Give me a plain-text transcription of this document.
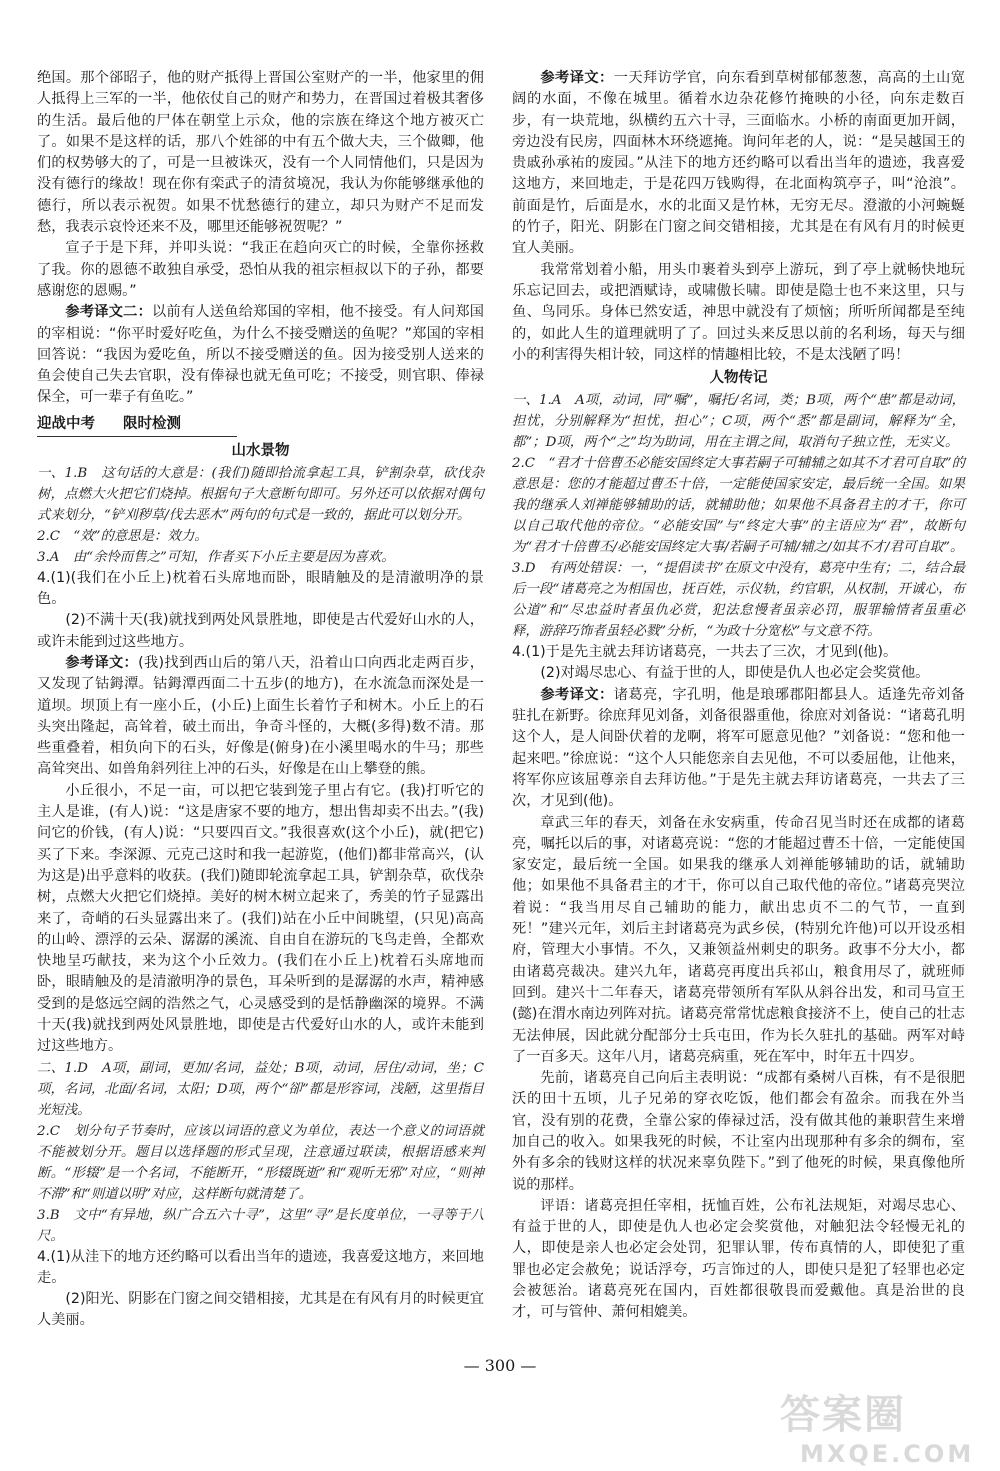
绝国。那个郤昭子，他的财产抵得上晋国公室财产的一半，他家里的佣人抵得上三军的一半，他依仗自己的财产和势力，在晋国过着极其奢侈的生活。最后他的尸体在朝堂上示众，他的宗族在绛这个地方被灭亡了。如果不是这样的话，那八个姓郤的中有五个做大夫，三个做卿，他们的权势够大的了，可是一旦被诛灭，没有一个人同情他们，只是因为没有德行的缘故！现在你有栾武子的清贫境况，我认为你能够继承他的德行，所以表示祝贺。如果不忧愁德行的建立，却只为财产不足而发愁，我表示哀怜还来不及，哪里还能够祝贺呢？”

宣子于是下拜，并叩头说：“我正在趋向灭亡的时候，全靠你拯救了我。你的恩德不敢独自承受，恐怕从我的祖宗桓叔以下的子孙，都要感谢您的恩赐。”

参考译文二：以前有人送鱼给郑国的宰相，他不接受。有人问郑国的宰相说：“你平时爱好吃鱼，为什么不接受赠送的鱼呢？”郑国的宰相回答说：“我因为爱吃鱼，所以不接受赠送的鱼。因为接受别人送来的鱼会使自己失去官职，没有俸禄也就无鱼可吃；不接受，则官职、俸禄保全，可一辈子有鱼吃。”

迎战中考 限时检测
山水景物

一、1.B　这句话的大意是：(我们)随即拾流拿起工具，铲割杂草，砍伐杂树，点燃大火把它们烧掉。根据句子大意断句即可。另外还可以依据对偶句式来划分，“铲刈秽草/伐去恶木”两句的句式是一致的，据此可以划分开。

2.C　“效”的意思是：效力。

3.A　由“余怜而售之”可知，作者买下小丘主要是因为喜欢。

4.(1)(我们在小丘上)枕着石头席地而卧，眼睛触及的是清澈明净的景色。

(2)不满十天(我)就找到两处风景胜地，即使是古代爱好山水的人，或许未能到过这些地方。

参考译文：(我)找到西山后的第八天，沿着山口向西北走两百步，又发现了钴鉧潭。钴鉧潭西面二十五步(的地方)，在水流急而深处是一道坝。坝顶上有一座小丘，(小丘)上面生长着竹子和树木。小丘上的石头突出隆起，高耸着，破土而出，争奇斗怪的，大概(多得)数不清。那些重叠着，相负向下的石头，好像是(俯身)在小溪里喝水的牛马；那些高耸突出、如兽角斜列往上冲的石头，好像是在山上攀登的熊。

小丘很小，不足一亩，可以把它装到笼子里占有它。(我)打听它的主人是谁，(有人)说：“这是唐家不要的地方，想出售却卖不出去。”(我)问它的价钱，(有人)说：“只要四百文。”我很喜欢(这个小丘)，就(把它)买了下来。李深源、元克己这时和我一起游览，(他们)都非常高兴，(认为这是)出乎意料的收获。(我们)随即轮流拿起工具，铲割杂草，砍伐杂树，点燃大火把它们烧掉。美好的树木树立起来了，秀美的竹子显露出来了，奇峭的石头显露出来了。(我们)站在小丘中间眺望，(只见)高高的山岭、漂浮的云朵、潺潺的溪流、自由自在游玩的飞鸟走兽，全都欢快地呈巧献技，来为这个小丘效力。(我们在小丘上)枕着石头席地而卧，眼睛触及的是清澈明净的景色，耳朵听到的是潺潺的水声，精神感受到的是悠远空阔的浩然之气，心灵感受到的是恬静幽深的境界。不满十天(我)就找到两处风景胜地，即使是古代爱好山水的人，或许未能到过这些地方。

二、1.D　A项，副词，更加/名词，益处；B项，动词，居住/动词，坐；C项，名词，北面/名词，太阳；D项，两个“卻”都是形容词，浅陋，这里指目光短浅。

2.C　划分句子节奏时，应该以词语的意义为单位，表达一个意义的词语就不能被划分开。题目以选择题的形式呈现，注意通过联读，根据语感来判断。“形辍”是一个名词，不能断开，“形辍既逝”和“观听无邪”对应，“则神不滞”和“则道以明”对应，这样断句就清楚了。

3.B　文中“有异地，纵广合五六十寻”，这里“寻”是长度单位，一寻等于八尺。

4.(1)从洼下的地方还约略可以看出当年的遗迹，我喜爱这地方，来回地走。

(2)阳光、阴影在门窗之间交错相接，尤其是在有风有月的时候更宜人美丽。

参考译文：一天拜访学官，向东看到草树郁郁葱葱，高高的土山宽阔的水面，不像在城里。循着水边杂花修竹掩映的小径，向东走数百步，有一块荒地，纵横约五六十寻，三面临水。小桥的南面更加开阔，旁边没有民房，四面林木环绕遮掩。询问年老的人，说：“是吴越国王的贵戚孙承祐的废园。”从洼下的地方还约略可以看出当年的遗迹，我喜爱这地方，来回地走，于是花四万钱购得，在北面构筑亭子，叫“沧浪”。前面是竹，后面是水，水的北面又是竹林，无穷无尽。澄澈的小河蜿蜒的竹子，阳光、阴影在门窗之间交错相接，尤其是在有风有月的时候更宜人美丽。

我常常划着小船，用头巾裹着头到亭上游玩，到了亭上就畅快地玩乐忘记回去，或把酒赋诗，或啸傲长啸。即使是隐士也不来这里，只与鱼、鸟同乐。身体已然安适，神思中就没有了烦恼；所听所闻都是至纯的，如此人生的道理就明了了。回过头来反思以前的名利场，每天与细小的利害得失相计较，同这样的情趣相比较，不是太浅陋了吗！

人物传记

一、1.A　A项，动词，同“嘱”，嘱托/名词，类；B项，两个“患”都是动词，担忧，分别解释为“担忧，担心”；C项，两个“悉”都是副词，解释为“全，都”；D项，两个“之”均为助词，用在主谓之间，取消句子独立性，无实义。

2.C　“君才十倍曹丕必能安国终定大事若嗣子可辅辅之如其不才君可自取”的意思是：您的才能超过曹丕十倍，一定能使国家安定，最后统一全国。如果我的继承人刘禅能够辅助的话，就辅助他；如果他不具备君主的才干，你可以自己取代他的帝位。“必能安国”与“终定大事”的主语应为“君”，故断句为“君才十倍曹丕/必能安国终定大事/若嗣子可辅/辅之/如其不才/君可自取”。

3.D　有两处错误：一，“提倡读书”在原文中没有，葛亮中生有；二，结合最后一段“诸葛亮之为相国也，抚百姓，示仪轨，约官职，从权制，开诚心，布公道”和“尽忠益时者虽仇必赏，犯法怠慢者虽亲必罚，服罪输情者虽重必释，游辞巧饰者虽轻必戮”分析，“为政十分宽松”与文意不符。

4.(1)于是先主就去拜访诸葛亮，一共去了三次，才见到(他)。

(2)对竭尽忠心、有益于世的人，即使是仇人也必定会奖赏他。

参考译文：诸葛亮，字孔明，他是琅琊郡阳都县人。适逢先帝刘备驻扎在新野。徐庶拜见刘备，刘备很器重他，徐庶对刘备说：“诸葛孔明这个人，是人间卧伏着的龙啊，将军可愿意见他？”刘备说：“您和他一起来吧。”徐庶说：“这个人只能您亲自去见他，不可以委屈他，让他来，将军你应该屈尊亲自去拜访他。”于是先主就去拜访诸葛亮，一共去了三次，才见到(他)。

章武三年的春天，刘备在永安病重，传命召见当时还在成都的诸葛亮，嘱托以后的事，对诸葛亮说：“您的才能超过曹丕十倍，一定能使国家安定，最后统一全国。如果我的继承人刘禅能够辅助的话，就辅助他；如果他不具备君主的才干，你可以自己取代他的帝位。”诸葛亮哭泣着说：“我当用尽自己辅助的能力，献出忠贞不二的气节，一直到死！”建兴元年，刘后主封诸葛亮为武乡侯，(特别允许他)可以开设丞相府，管理大小事情。不久，又兼领益州刺史的职务。政事不分大小，都由诸葛亮裁决。建兴九年，诸葛亮再度出兵祁山，粮食用尽了，就班师回到。建兴十二年春天，诸葛亮带领所有军队从斜谷出发，和司马宣王(懿)在渭水南边列阵对抗。诸葛亮常常忧虑粮食接济不上，使自己的壮志无法伸展，因此就分配部分士兵屯田，作为长久驻扎的基础。两军对峙了一百多天。这年八月，诸葛亮病重，死在军中，时年五十四岁。

先前，诸葛亮自己向后主表明说：“成都有桑树八百株，有不是很肥沃的田十五顷，儿子兄弟的穿衣吃饭，他们都会有盈余。而我在外当官，没有别的花费，全靠公家的俸禄过活，没有做其他的兼职营生来增加自己的收入。如果我死的时候，不让室内出现那种有多余的绸布，室外有多余的钱财这样的状况来辜负陛下。”到了他死的时候，果真像他所说的那样。

评语：诸葛亮担任宰相，抚恤百姓，公布礼法规矩，对竭尽忠心、有益于世的人，即使是仇人也必定会奖赏他，对触犯法令轻慢无礼的人，即使是亲人也必定会处罚，犯罪认罪，传布真情的人，即使犯了重罪也必定会赦免；说话浮夸，巧言饰过的人，即使只是犯了轻罪也必定会被惩治。诸葛亮死在国内，百姓都很敬畏而爱戴他。真是治世的良才，可与管仲、萧何相媲美。

— 300 —
答案圈
MXQE.COM
